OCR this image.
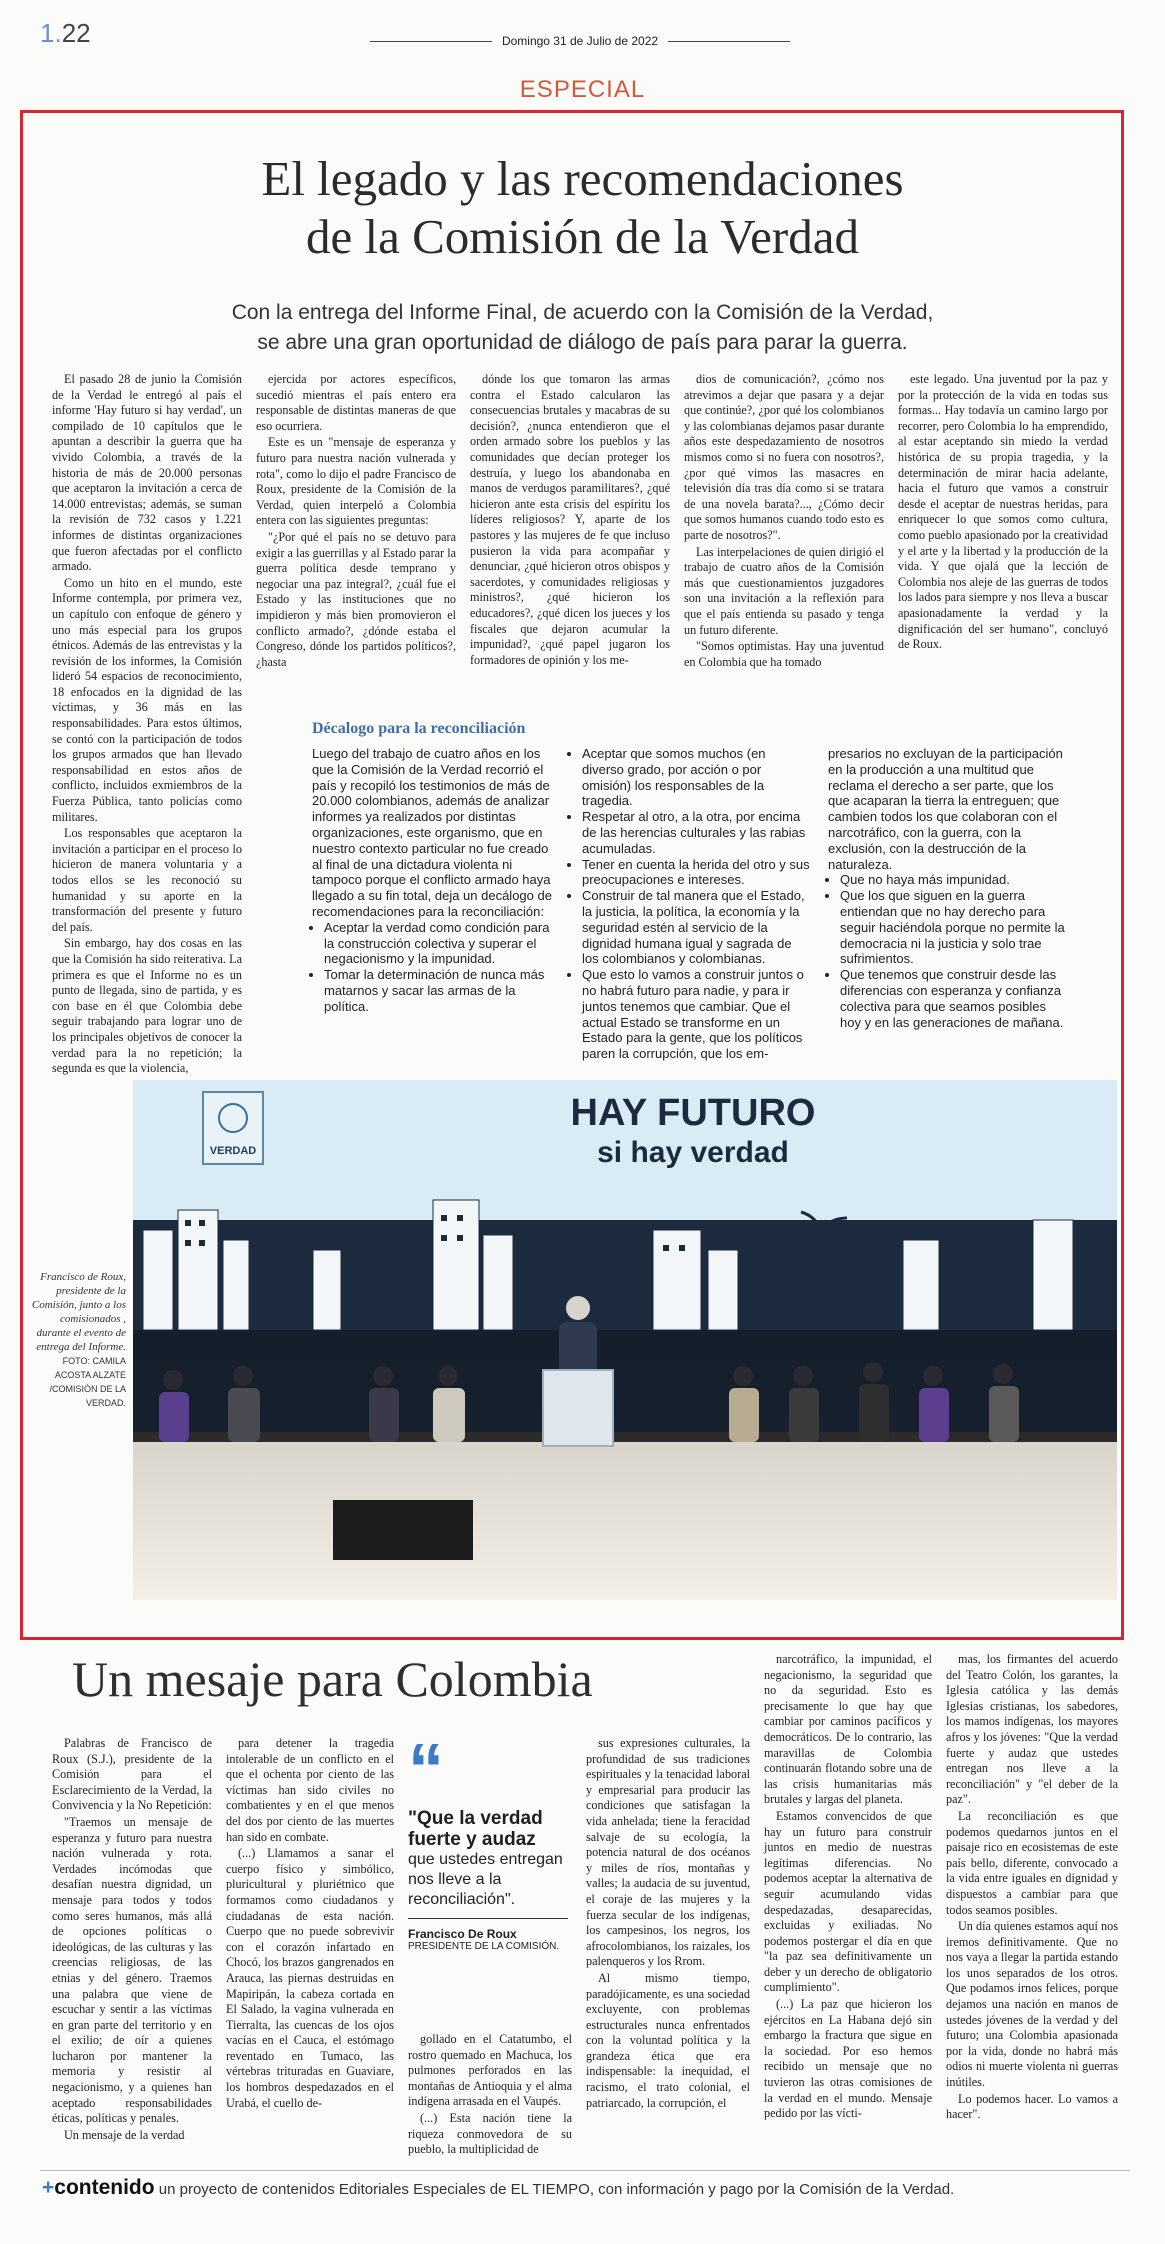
1.22	Domingo 31 de Julio de 2022
ESPECIAL
El legado y las recomendaciones
de la Comisión de la Verdad
Con la entrega del Informe Final, de acuerdo con la Comisión de la Verdad,
se abre una gran oportunidad de diálogo de país para parar la guerra.

El pasado 28 de junio la Comisión de la Verdad le entregó al país el informe 'Hay futuro si hay verdad', un compilado de 10 capítulos que le apuntan a describir la guerra que ha vivido Colombia, a través de la historia de más de 20.000 personas que aceptaron la invitación a cerca de 14.000 entrevistas; además, se suman la revisión de 732 casos y 1.221 informes de distintas organizaciones que fueron afectadas por el conflicto armado.

Como un hito en el mundo, este Informe contempla, por primera vez, un capítulo con enfoque de género y uno más especial para los grupos étnicos. Además de las entrevistas y la revisión de los informes, la Comisión lideró 54 espacios de reconocimiento, 18 enfocados en la dignidad de las víctimas, y 36 más en las responsabilidades. Para estos últimos, se contó con la participación de todos los grupos armados que han llevado responsabilidad en estos años de conflicto, incluidos exmiembros de la Fuerza Pública, tanto policías como militares.

Los responsables que aceptaron la invitación a participar en el proceso lo hicieron de manera voluntaria y a todos ellos se les reconoció su humanidad y su aporte en la transformación del presente y futuro del país.

Sin embargo, hay dos cosas en las que la Comisión ha sido reiterativa. La primera es que el Informe no es un punto de llegada, sino de partida, y es con base en él que Colombia debe seguir trabajando para lograr uno de los principales objetivos de conocer la verdad para la no repetición; la segunda es que la violencia,

ejercida por actores específicos, sucedió mientras el país entero era responsable de distintas maneras de que eso ocurriera.

Este es un "mensaje de esperanza y futuro para nuestra nación vulnerada y rota", como lo dijo el padre Francisco de Roux, presidente de la Comisión de la Verdad, quien interpeló a Colombia entera con las siguientes preguntas:

"¿Por qué el país no se detuvo para exigir a las guerrillas y al Estado parar la guerra política desde temprano y negociar una paz integral?, ¿cuál fue el Estado y las instituciones que no impidieron y más bien promovieron el conflicto armado?, ¿dónde estaba el Congreso, dónde los partidos políticos?, ¿hasta

dónde los que tomaron las armas contra el Estado calcularon las consecuencias brutales y macabras de su decisión?, ¿nunca entendieron que el orden armado sobre los pueblos y las comunidades que decían proteger los destruía, y luego los abandonaba en manos de verdugos paramilitares?, ¿qué hicieron ante esta crisis del espíritu los líderes religiosos? Y, aparte de los pastores y las mujeres de fe que incluso pusieron la vida para acompañar y denunciar, ¿qué hicieron otros obispos y sacerdotes, y comunidades religiosas y ministros?, ¿qué hicieron los educadores?, ¿qué dicen los jueces y los fiscales que dejaron acumular la impunidad?, ¿qué papel jugaron los formadores de opinión y los me-

dios de comunicación?, ¿cómo nos atrevimos a dejar que pasara y a dejar que continúe?, ¿por qué los colombianos y las colombianas dejamos pasar durante años este despedazamiento de nosotros mismos como si no fuera con nosotros?, ¿por qué vimos las masacres en televisión día tras día como si se tratara de una novela barata?..., ¿Cómo decir que somos humanos cuando todo esto es parte de nosotros?".

Las interpelaciones de quien dirigió el trabajo de cuatro años de la Comisión más que cuestionamientos juzgadores son una invitación a la reflexión para que el país entienda su pasado y tenga un futuro diferente.

"Somos optimistas. Hay una juventud en Colombia que ha tomado

este legado. Una juventud por la paz y por la protección de la vida en todas sus formas... Hay todavía un camino largo por recorrer, pero Colombia lo ha emprendido, al estar aceptando sin miedo la verdad histórica de su propia tragedia, y la determinación de mirar hacia adelante, hacia el futuro que vamos a construir desde el aceptar de nuestras heridas, para enriquecer lo que somos como cultura, como pueblo apasionado por la creatividad y el arte y la libertad y la producción de la vida. Y que ojalá que la lección de Colombia nos aleje de las guerras de todos los lados para siempre y nos lleva a buscar apasionadamente la verdad y la dignificación del ser humano", concluyó de Roux.

Décalogo para la reconciliación

Luego del trabajo de cuatro años en los que la Comisión de la Verdad recorrió el país y recopiló los testimonios de más de 20.000 colombianos, además de analizar informes ya realizados por distintas organizaciones, este organismo, que en nuestro contexto particular no fue creado al final de una dictadura violenta ni tampoco porque el conflicto armado haya llegado a su fin total, deja un decálogo de recomendaciones para la reconciliación:

• Aceptar la verdad como condición para la construcción colectiva y superar el negacionismo y la impunidad.
• Tomar la determinación de nunca más matarnos y sacar las armas de la política.
• Aceptar que somos muchos (en diverso grado, por acción o por omisión) los responsables de la tragedia.
• Respetar al otro, a la otra, por encima de las herencias culturales y las rabias acumuladas.
• Tener en cuenta la herida del otro y sus preocupaciones e intereses.
• Construir de tal manera que el Estado, la justicia, la política, la economía y la seguridad estén al servicio de la dignidad humana igual y sagrada de los colombianos y colombianas.
• Que esto lo vamos a construir juntos o no habrá futuro para nadie, y para ir juntos tenemos que cambiar. Que el actual Estado se transforme en un Estado para la gente, que los políticos paren la corrupción, que los em-

presarios no excluyan de la participación en la producción a una multitud que reclama el derecho a ser parte, que los que acaparan la tierra la entreguen; que cambien todos los que colaboran con el narcotráfico, con la guerra, con la exclusión, con la destrucción de la naturaleza.

• Que no haya más impunidad.
• Que los que siguen en la guerra entiendan que no hay derecho para seguir haciéndola porque no permite la democracia ni la justicia y solo trae sufrimientos.
• Que tenemos que construir desde las diferencias con esperanza y confianza colectiva para que seamos posibles hoy y en las generaciones de mañana.
VERDAD
HAY FUTURO
si hay verdad
Francisco de Roux, presidente de la Comisión, junto a los comisionados , durante el evento de entrega del Informe. FOTO: CAMILA ACOSTA ALZATE /COMISIÓN DE LA VERDAD.
Un mesaje para Colombia

Palabras de Francisco de Roux (S.J.), presidente de la Comisión para el Esclarecimiento de la Verdad, la Convivencia y la No Repetición:

"Traemos un mensaje de esperanza y futuro para nuestra nación vulnerada y rota. Verdades incómodas que desafían nuestra dignidad, un mensaje para todos y todos como seres humanos, más allá de opciones políticas o ideológicas, de las culturas y las creencias religiosas, de las etnias y del género. Traemos una palabra que viene de escuchar y sentir a las víctimas en gran parte del territorio y en el exilio; de oír a quienes lucharon por mantener la memoria y resistir al negacionismo, y a quienes han aceptado responsabilidades éticas, políticas y penales.

Un mensaje de la verdad

para detener la tragedia intolerable de un conflicto en el que el ochenta por ciento de las víctimas han sido civiles no combatientes y en el que menos del dos por ciento de las muertes han sido en combate.

(...) Llamamos a sanar el cuerpo físico y simbólico, pluricultural y pluriétnico que formamos como ciudadanos y ciudadanas de esta nación. Cuerpo que no puede sobrevivir con el corazón infartado en Chocó, los brazos gangrenados en Arauca, las piernas destruidas en Mapiripán, la cabeza cortada en El Salado, la vagina vulnerada en Tierralta, las cuencas de los ojos vacías en el Cauca, el estómago reventado en Tumaco, las vértebras trituradas en Guaviare, los hombros despedazados en el Urabá, el cuello de-

“
"Que la verdad fuerte y audaz
que ustedes entregan nos lleve a la reconciliación".
Francisco De Roux
PRESIDENTE DE LA COMISIÓN.

gollado en el Catatumbo, el rostro quemado en Machuca, los pulmones perforados en las montañas de Antioquia y el alma indígena arrasada en el Vaupés.

(...) Esta nación tiene la riqueza conmovedora de su pueblo, la multiplicidad de

sus expresiones culturales, la profundidad de sus tradiciones espirituales y la tenacidad laboral y empresarial para producir las condiciones que satisfagan la vida anhelada; tiene la feracidad salvaje de su ecología, la potencia natural de dos océanos y miles de ríos, montañas y valles; la audacia de su juventud, el coraje de las mujeres y la fuerza secular de los indígenas, los campesinos, los negros, los afrocolombianos, los raizales, los palenqueros y los Rrom.

Al mismo tiempo, paradójicamente, es una sociedad excluyente, con problemas estructurales nunca enfrentados con la voluntad política y la grandeza ética que era indispensable: la inequidad, el racismo, el trato colonial, el patriarcado, la corrupción, el

narcotráfico, la impunidad, el negacionismo, la seguridad que no da seguridad. Esto es precisamente lo que hay que cambiar por caminos pacíficos y democráticos. De lo contrario, las maravillas de Colombia continuarán flotando sobre una de las crisis humanitarias más brutales y largas del planeta.

Estamos convencidos de que hay un futuro para construir juntos en medio de nuestras legítimas diferencias. No podemos aceptar la alternativa de seguir acumulando vidas despedazadas, desaparecidas, excluidas y exiliadas. No podemos postergar el día en que "la paz sea definitivamente un deber y un derecho de obligatorio cumplimiento".

(...) La paz que hicieron los ejércitos en La Habana dejó sin embargo la fractura que sigue en la sociedad. Por eso hemos recibido un mensaje que no tuvieron las otras comisiones de la verdad en el mundo. Mensaje pedido por las vícti-

mas, los firmantes del acuerdo del Teatro Colón, los garantes, la Iglesia católica y las demás Iglesias cristianas, los sabedores, los mamos indígenas, los mayores afros y los jóvenes: "Que la verdad fuerte y audaz que ustedes entregan nos lleve a la reconciliación" y "el deber de la paz".

La reconciliación es que podemos quedarnos juntos en el paisaje rico en ecosistemas de este país bello, diferente, convocado a la vida entre iguales en dignidad y dispuestos a cambiar para que todos seamos posibles.

Un día quienes estamos aquí nos iremos definitivamente. Que no nos vaya a llegar la partida estando los unos separados de los otros. Que podamos irnos felices, porque dejamos una nación en manos de ustedes jóvenes de la verdad y del futuro; una Colombia apasionada por la vida, donde no habrá más odios ni muerte violenta ni guerras inútiles.

Lo podemos hacer. Lo vamos a hacer".

+contenido un proyecto de contenidos Editoriales Especiales de EL TIEMPO, con información y pago por la Comisión de la Verdad.
